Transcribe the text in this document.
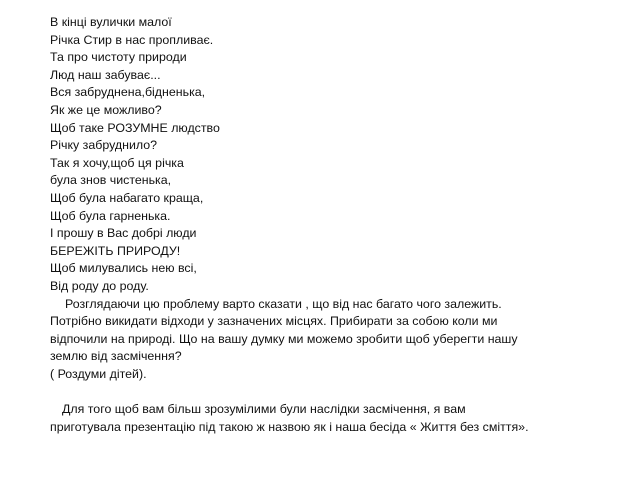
В кінці вулички малої
Річка Стир в нас пропливає.
Та про чистоту природи
Люд наш забуває...
Вся забруднена,бідненька,
Як же це можливо?
Щоб таке РОЗУМНЕ людство
Річку забруднило?
Так я хочу,щоб ця річка
була знов чистенька,
Щоб була набагато краща,
Щоб була гарненька.
І прошу в Вас добрі люди
БЕРЕЖІТЬ ПРИРОДУ!
Щоб милувались нею всі,
Від роду до роду.
Розглядаючи цю проблему варто сказати , що від нас багато чого залежить.
Потрібно викидати відходи у зазначених місцях. Прибирати за собою коли ми
відпочили на природі. Що на вашу думку ми можемо зробити щоб уберегти нашу
землю від засмічення?
( Роздуми дітей).
Для того щоб вам більш зрозумілими були наслідки засмічення, я вам
приготувала презентацію під такою ж назвою як і наша бесіда « Життя без сміття».
